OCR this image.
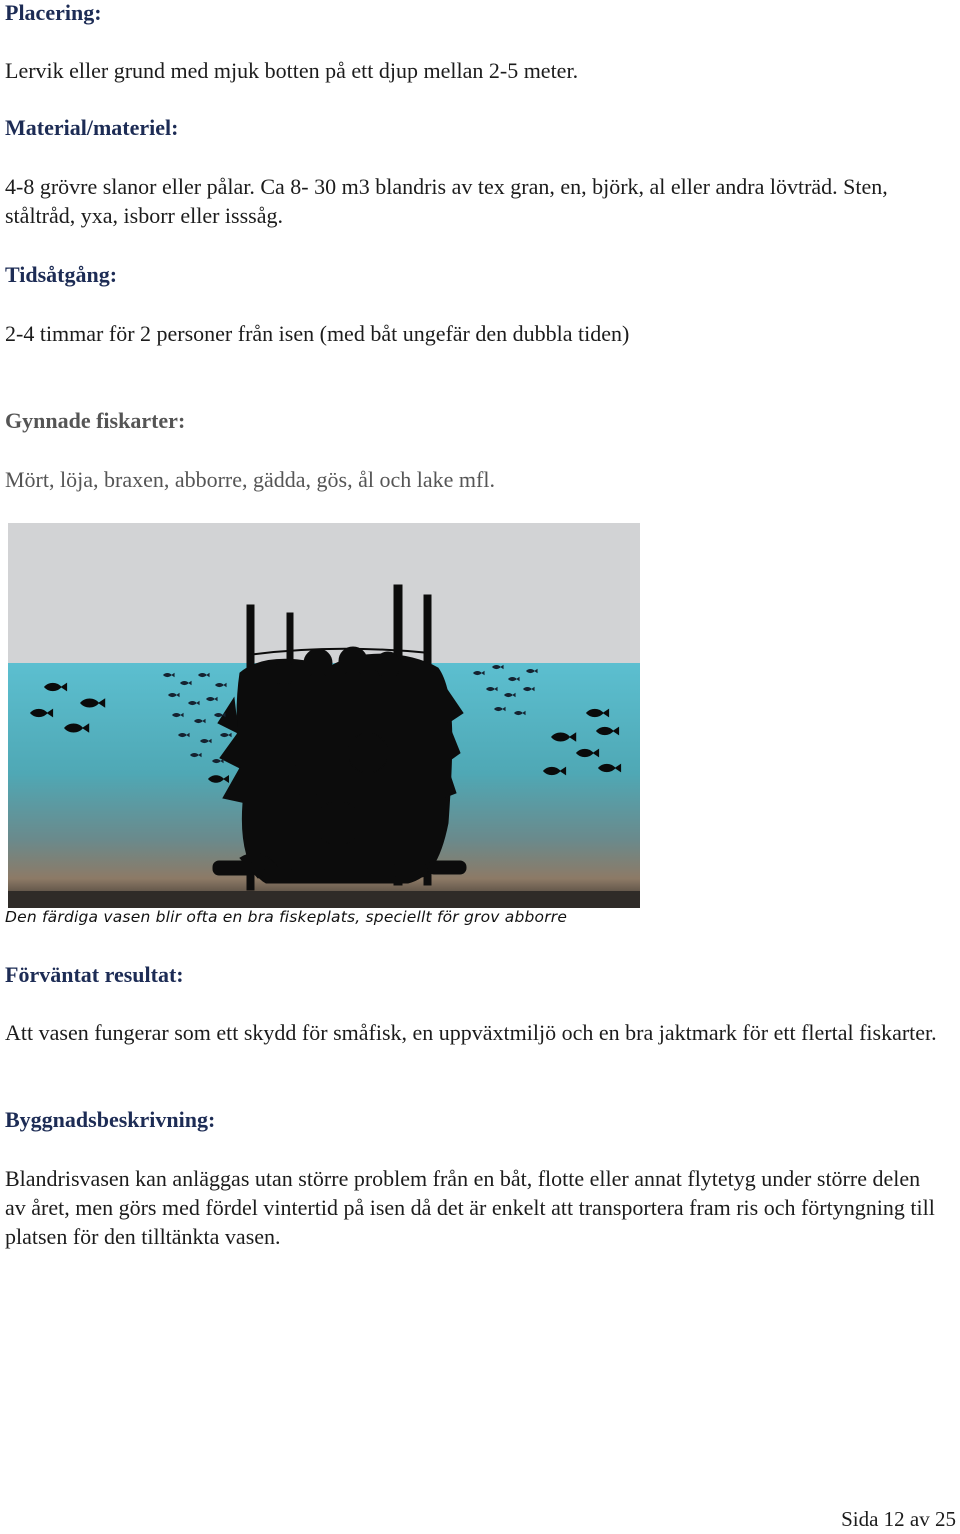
Placering:

Lervik eller grund med mjuk botten på ett djup mellan 2-5 meter.

Material/materiel:

4-8 grövre slanor eller pålar. Ca 8- 30 m3 blandris av tex gran, en, björk, al eller andra lövträd. Sten, ståltråd, yxa, isborr eller isssåg.

Tidsåtgång:

2-4 timmar för 2 personer från isen (med båt ungefär den dubbla tiden)

Gynnade fiskarter:

Mört, löja, braxen, abborre, gädda, gös, ål och lake mfl.

Den färdiga vasen blir ofta en bra fiskeplats, speciellt för grov abborre
Förväntat resultat:

Att vasen fungerar som ett skydd för småfisk, en uppväxtmiljö och en bra jaktmark för ett flertal fiskarter.

Byggnadsbeskrivning:

Blandrisvasen kan anläggas utan större problem från en båt, flotte eller annat flytetyg under större delen av året, men görs med fördel vintertid på isen då det är enkelt att transportera fram ris och förtyngning till platsen för den tilltänkta vasen.

Sida 12 av 25
